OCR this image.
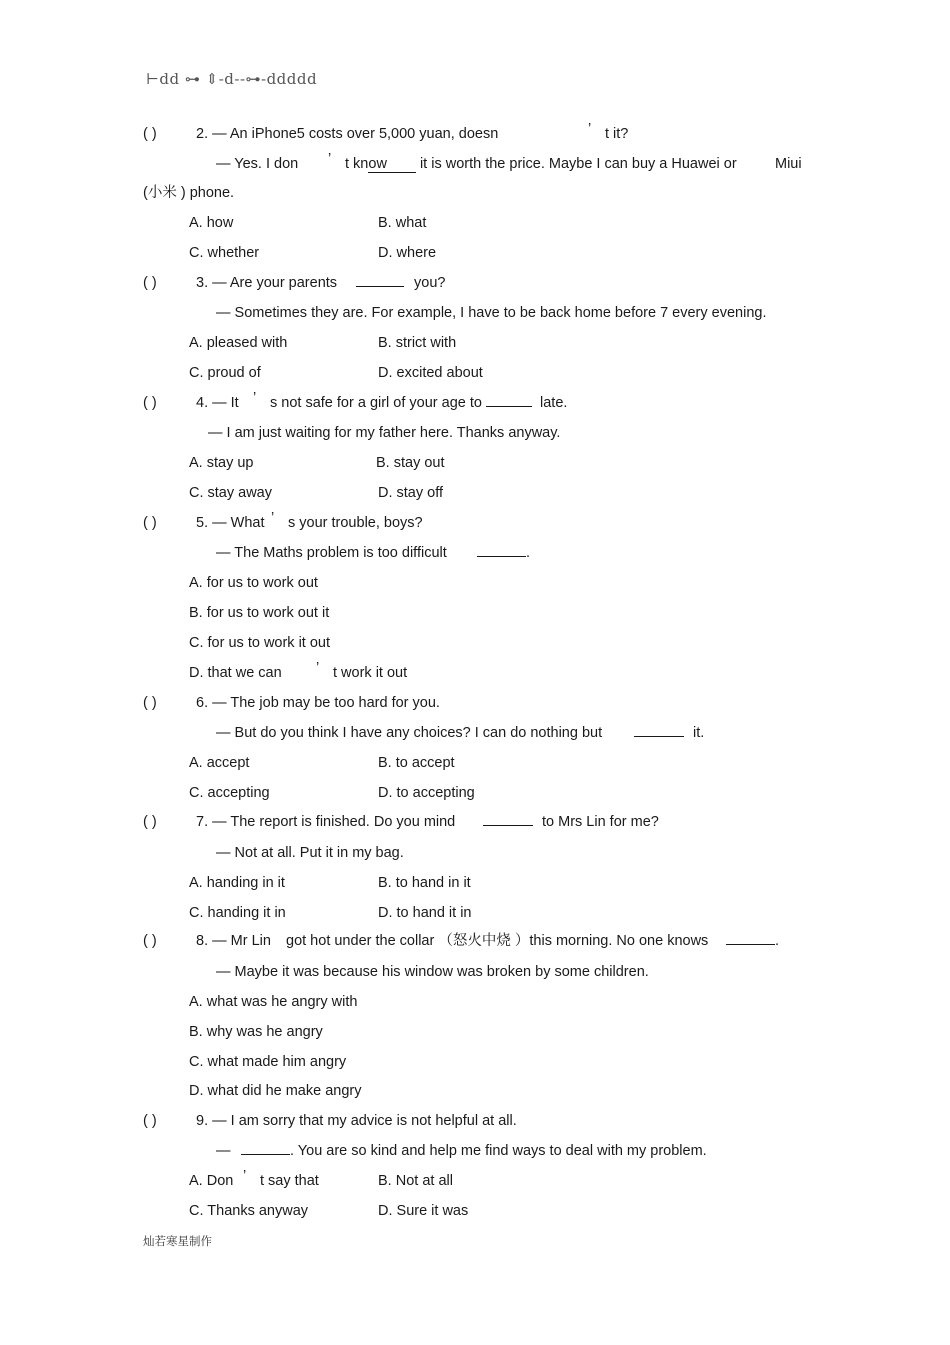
⊢dd ⊶ ⇕-d--⊶-ddddd
( )	2. — An iPhone5 costs over 5,000 yuan, doesn	’ t it?
— Yes. I don ’ t know it is worth the price. Maybe I can buy a Huawei or	Miui
(小米 ) phone.
A. how	B. what
C. whether	D. where
( )	3. — Are your parents	you?
— Sometimes they are. For example, I have to be back home before 7 every evening.
A. pleased with	B. strict with
C. proud of	D. excited about
( )	4. — It ’ s not safe for a girl of your age to	late.
— I am just waiting for my father here. Thanks anyway.
A. stay up	B. stay out
C. stay away	D. stay off
( )	5. — What ’ s your trouble, boys?
— The Maths problem is too difficult	.
A. for us to work out
B. for us to work out it
C. for us to work it out
D. that we can ’ t work it out
( )	6. — The job may be too hard for you.
— But do you think I have any choices? I can do nothing but	it.
A. accept	B. to accept
C. accepting	D. to accepting
( )	7. — The report is finished. Do you mind	to Mrs Lin for me?
— Not at all. Put it in my bag.
A. handing in it	B. to hand in it
C. handing it in	D. to hand it in
( )	8. — Mr Lin got hot under the collar （怒火中烧 ）this morning. No one knows	.
— Maybe it was because his window was broken by some children.
A. what was he angry with
B. why was he angry
C. what made him angry
D. what did he make angry
( )	9. — I am sorry that my advice is not helpful at all.
—	. You are so kind and help me find ways to deal with my problem.
A. Don ’ t say that	B. Not at all
C. Thanks anyway	D. Sure it was
灿若寒星制作
